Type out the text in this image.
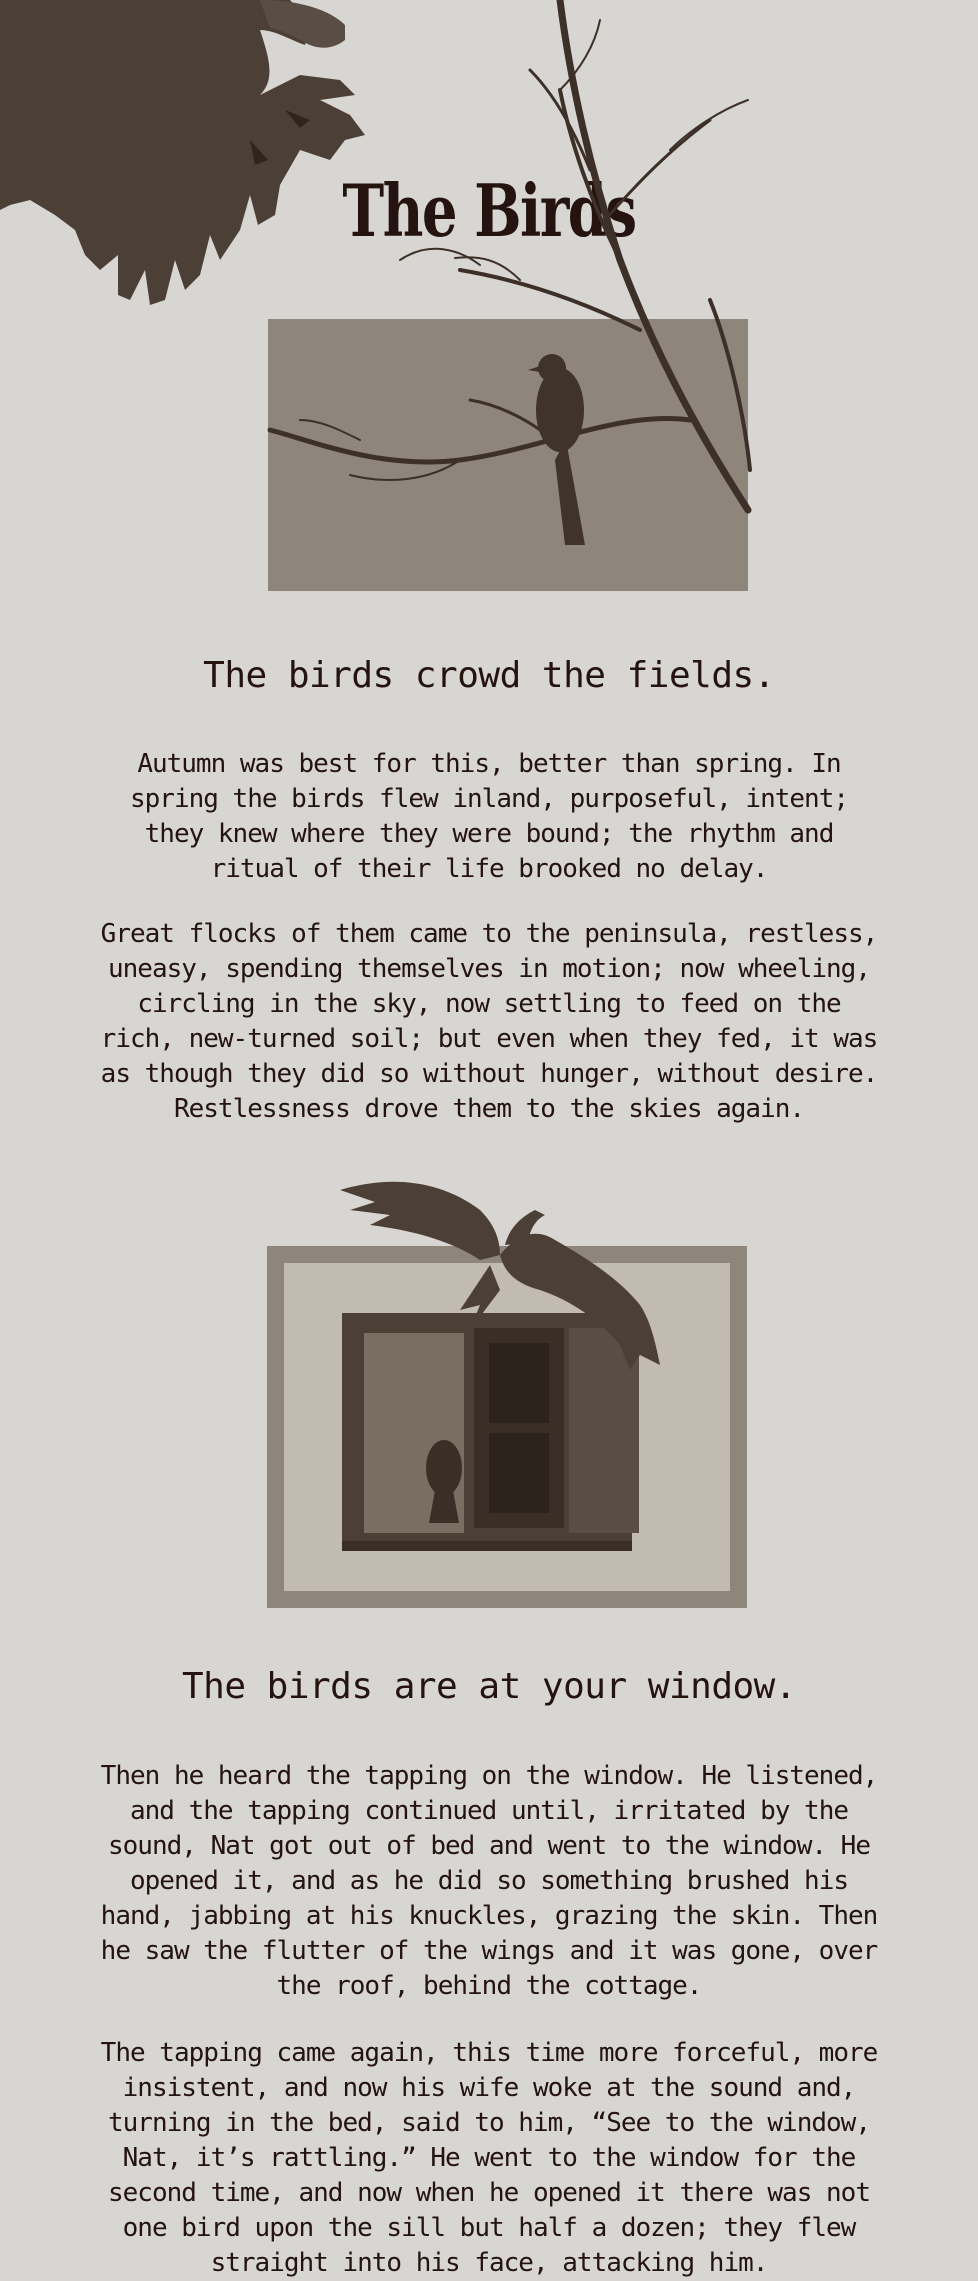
The Birds
The birds crowd the fields.

Autumn was best for this, better than spring. In spring the birds flew inland, purposeful, intent; they knew where they were bound; the rhythm and ritual of their life brooked no delay.

Great flocks of them came to the peninsula, restless, uneasy, spending themselves in motion; now wheeling, circling in the sky, now settling to feed on the rich, new-turned soil; but even when they fed, it was as though they did so without hunger, without desire. Restlessness drove them to the skies again.

The birds are at your window.

Then he heard the tapping on the window. He listened, and the tapping continued until, irritated by the sound, Nat got out of bed and went to the window. He opened it, and as he did so something brushed his hand, jabbing at his knuckles, grazing the skin. Then he saw the flutter of the wings and it was gone, over the roof, behind the cottage.

The tapping came again, this time more forceful, more insistent, and now his wife woke at the sound and, turning in the bed, said to him, “See to the window, Nat, it’s rattling.” He went to the window for the second time, and now when he opened it there was not one bird upon the sill but half a dozen; they flew straight into his face, attacking him.
